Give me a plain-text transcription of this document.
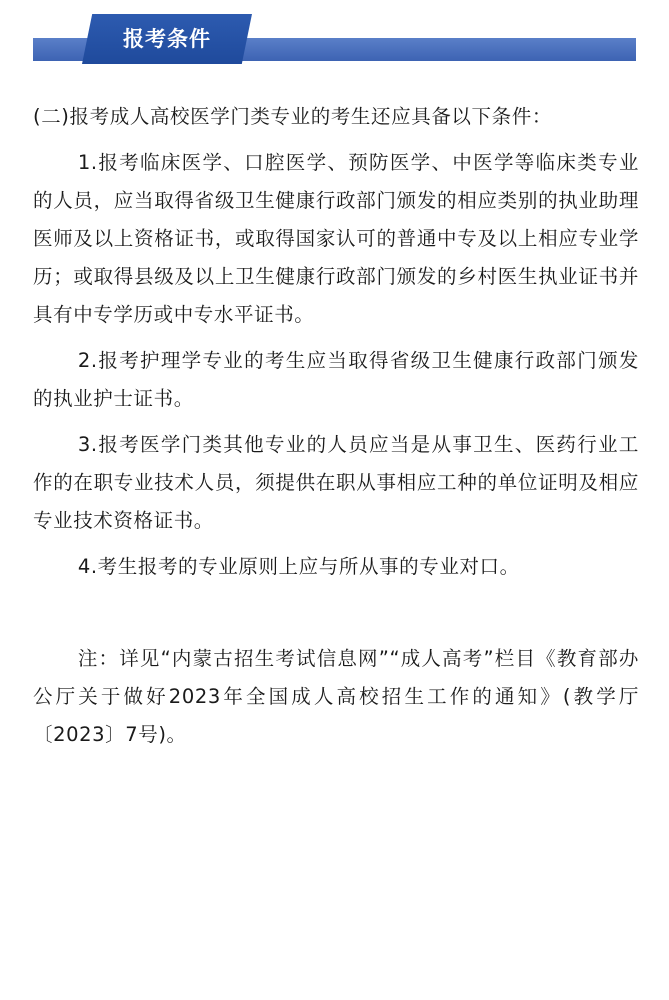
报考条件

(二)报考成人高校医学门类专业的考生还应具备以下条件：

1.报考临床医学、口腔医学、预防医学、中医学等临床类专业的人员，应当取得省级卫生健康行政部门颁发的相应类别的执业助理医师及以上资格证书，或取得国家认可的普通中专及以上相应专业学历；或取得县级及以上卫生健康行政部门颁发的乡村医生执业证书并具有中专学历或中专水平证书。

2.报考护理学专业的考生应当取得省级卫生健康行政部门颁发的执业护士证书。

3.报考医学门类其他专业的人员应当是从事卫生、医药行业工作的在职专业技术人员，须提供在职从事相应工种的单位证明及相应专业技术资格证书。

4.考生报考的专业原则上应与所从事的专业对口。

注：详见“内蒙古招生考试信息网”“成人高考”栏目《教育部办公厅关于做好2023年全国成人高校招生工作的通知》(教学厅〔2023〕7号)。
